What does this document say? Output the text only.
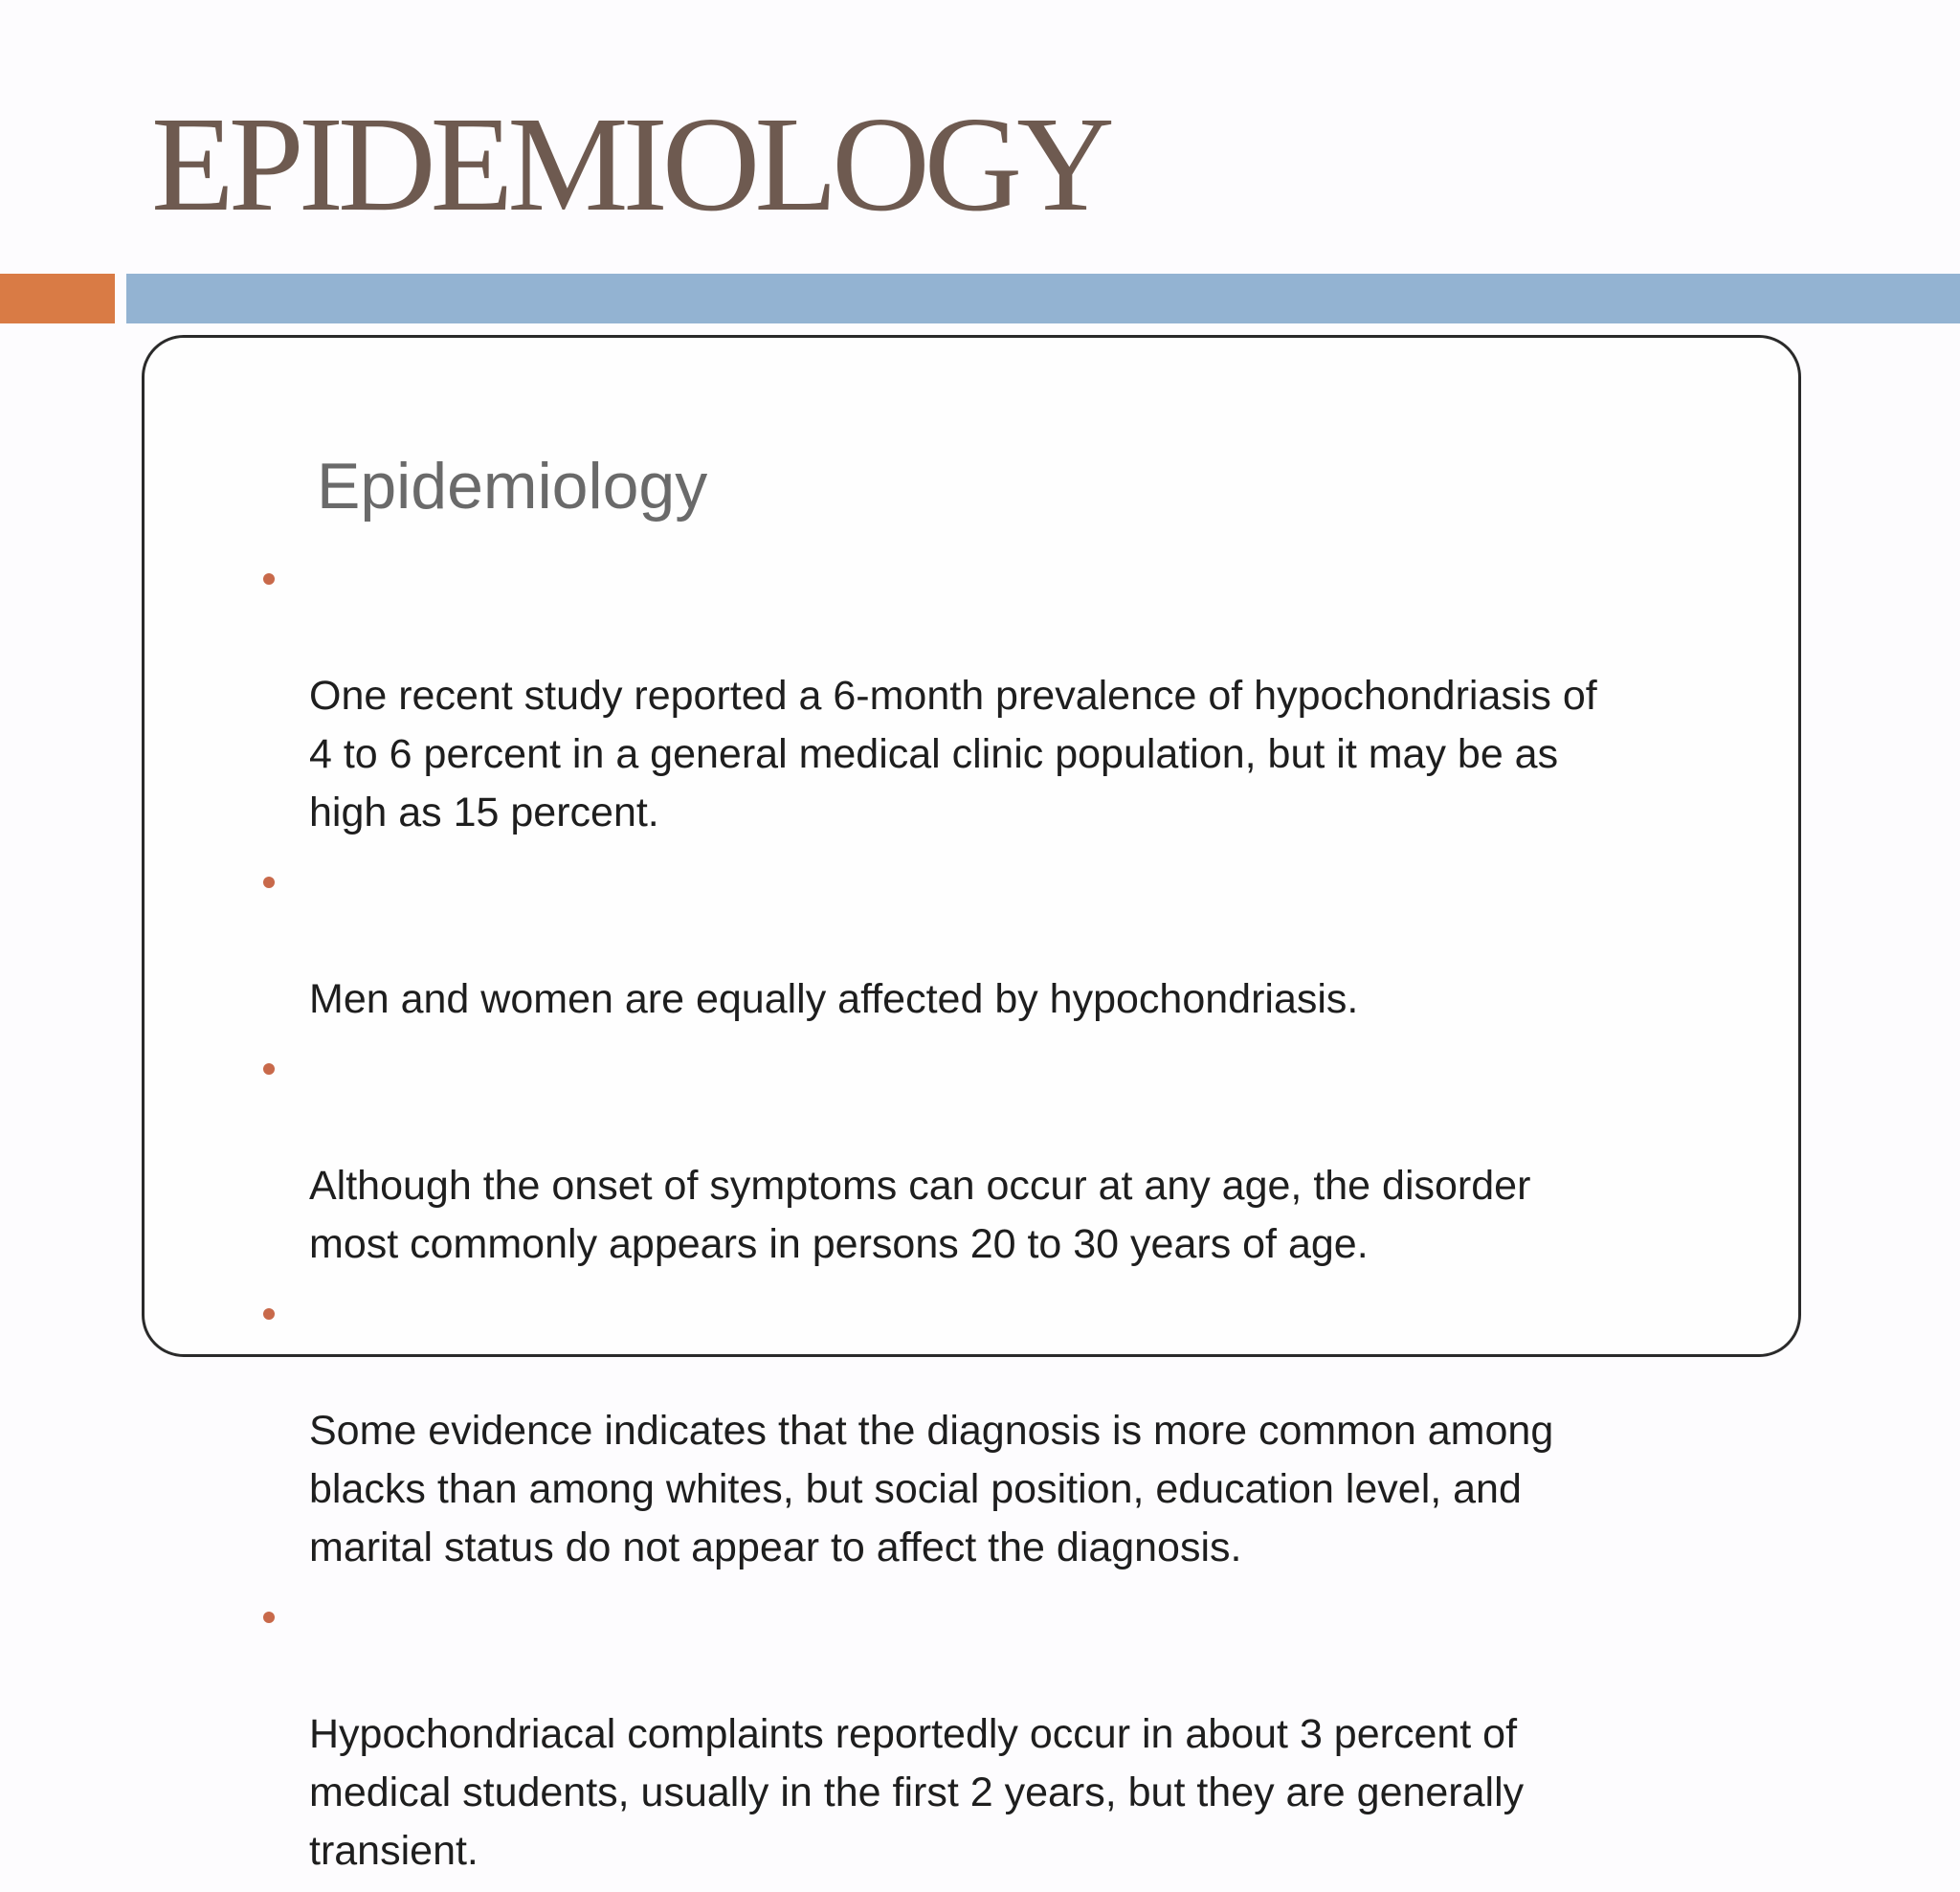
EPIDEMIOLOGY
Epidemiology

One recent study reported a 6-month prevalence of hypochondriasis of
4 to 6 percent in a general medical clinic population, but it may be as
high as 15 percent.

Men and women are equally affected by hypochondriasis.

Although the onset of symptoms can occur at any age, the disorder
most commonly appears in persons 20 to 30 years of age.

Some evidence indicates that the diagnosis is more common among
blacks than among whites, but social position, education level, and
marital status do not appear to affect the diagnosis.

Hypochondriacal complaints reportedly occur in about 3 percent of
medical students, usually in the first 2 years, but they are generally
transient.
